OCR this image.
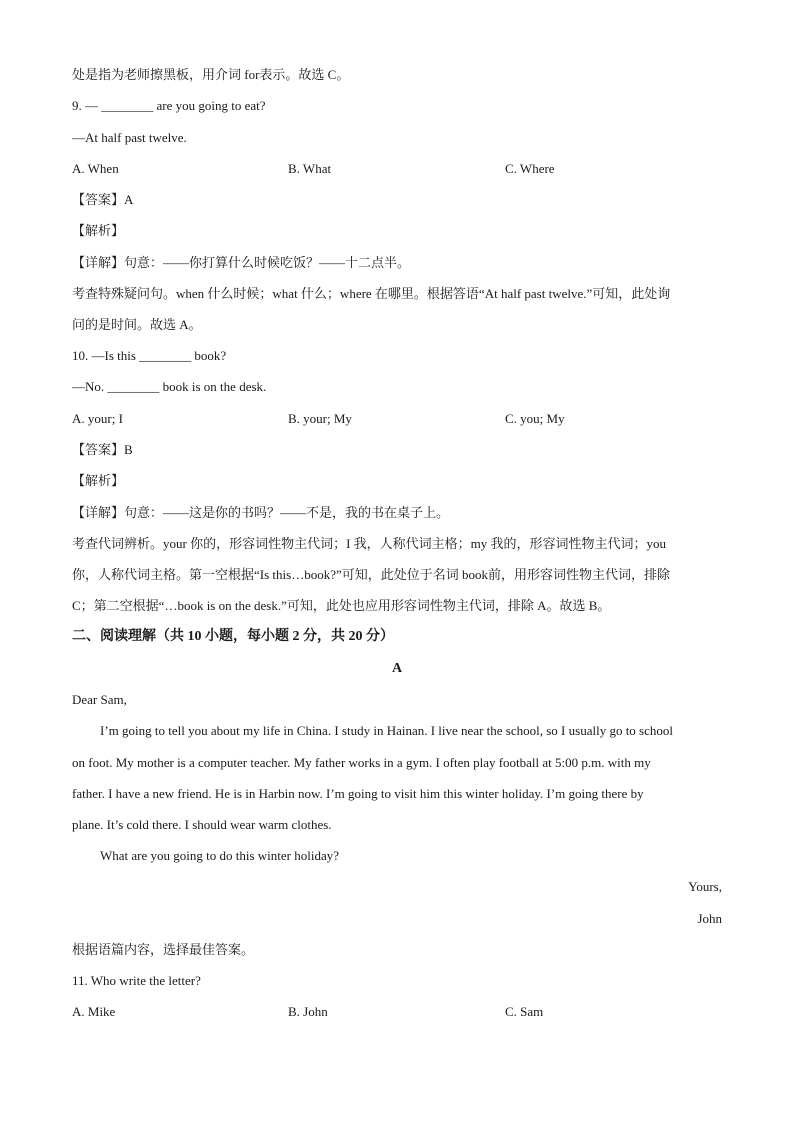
处是指为老师擦黑板，用介词 for表示。故选 C。
9. — ________ are you going to eat?
—At half past twelve.
A. When	B. What	C. Where
【答案】A
【解析】
【详解】句意：——你打算什么时候吃饭？——十二点半。
考查特殊疑问句。when 什么时候；what 什么；where 在哪里。根据答语“At half past twelve.”可知，此处询
问的是时间。故选 A。
10. —Is this ________ book?
—No. ________ book is on the desk.
A. your; I	B. your; My	C. you; My
【答案】B
【解析】
【详解】句意：——这是你的书吗？——不是，我的书在桌子上。
考查代词辨析。your 你的，形容词性物主代词；I 我，人称代词主格；my 我的，形容词性物主代词；you
你，人称代词主格。第一空根据“Is this…book?”可知，此处位于名词 book前，用形容词性物主代词，排除
C；第二空根据“…book is on the desk.”可知，此处也应用形容词性物主代词，排除 A。故选 B。
二、阅读理解（共 10 小题，每小题 2 分，共 20 分）
A
Dear Sam,
I’m going to tell you about my life in China. I study in Hainan. I live near the school, so I usually go to school
on foot. My mother is a computer teacher. My father works in a gym. I often play football at 5:00 p.m. with my
father. I have a new friend. He is in Harbin now. I’m going to visit him this winter holiday. I’m going there by
plane. It’s cold there. I should wear warm clothes.
What are you going to do this winter holiday?
Yours,
John
根据语篇内容，选择最佳答案。
11. Who write the letter?
A. Mike	B. John	C. Sam
